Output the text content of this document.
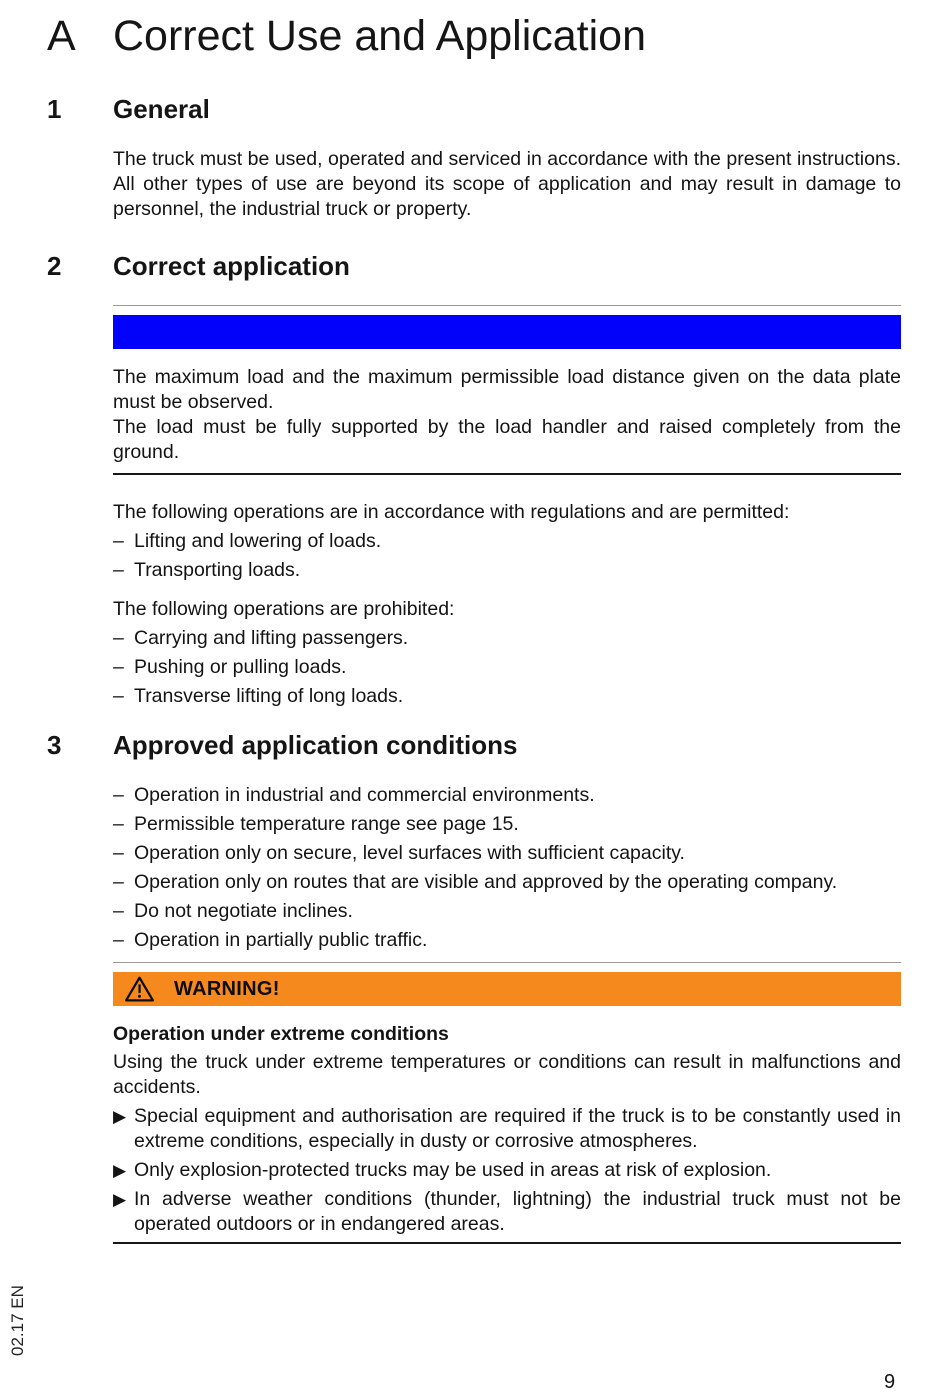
A Correct Use and Application
1	General
The truck must be used, operated and serviced in accordance with the present instructions. All other types of use are beyond its scope of application and may result in damage to personnel, the industrial truck or property.
2	Correct application
The maximum load and the maximum permissible load distance given on the data plate must be observed.
The load must be fully supported by the load handler and raised completely from the ground.
The following operations are in accordance with regulations and are permitted:
– Lifting and lowering of loads.
– Transporting loads.
The following operations are prohibited:
– Carrying and lifting passengers.
– Pushing or pulling loads.
– Transverse lifting of long loads.
3	Approved application conditions
– Operation in industrial and commercial environments.
– Permissible temperature range see page 15.
– Operation only on secure, level surfaces with sufficient capacity.
– Operation only on routes that are visible and approved by the operating company.
– Do not negotiate inclines.
– Operation in partially public traffic.
WARNING!
Operation under extreme conditions
Using the truck under extreme temperatures or conditions can result in malfunctions and accidents.
▶ Special equipment and authorisation are required if the truck is to be constantly used in extreme conditions, especially in dusty or corrosive atmospheres.
▶ Only explosion-protected trucks may be used in areas at risk of explosion.
▶ In adverse weather conditions (thunder, lightning) the industrial truck must not be operated outdoors or in endangered areas.
02.17 EN
9
